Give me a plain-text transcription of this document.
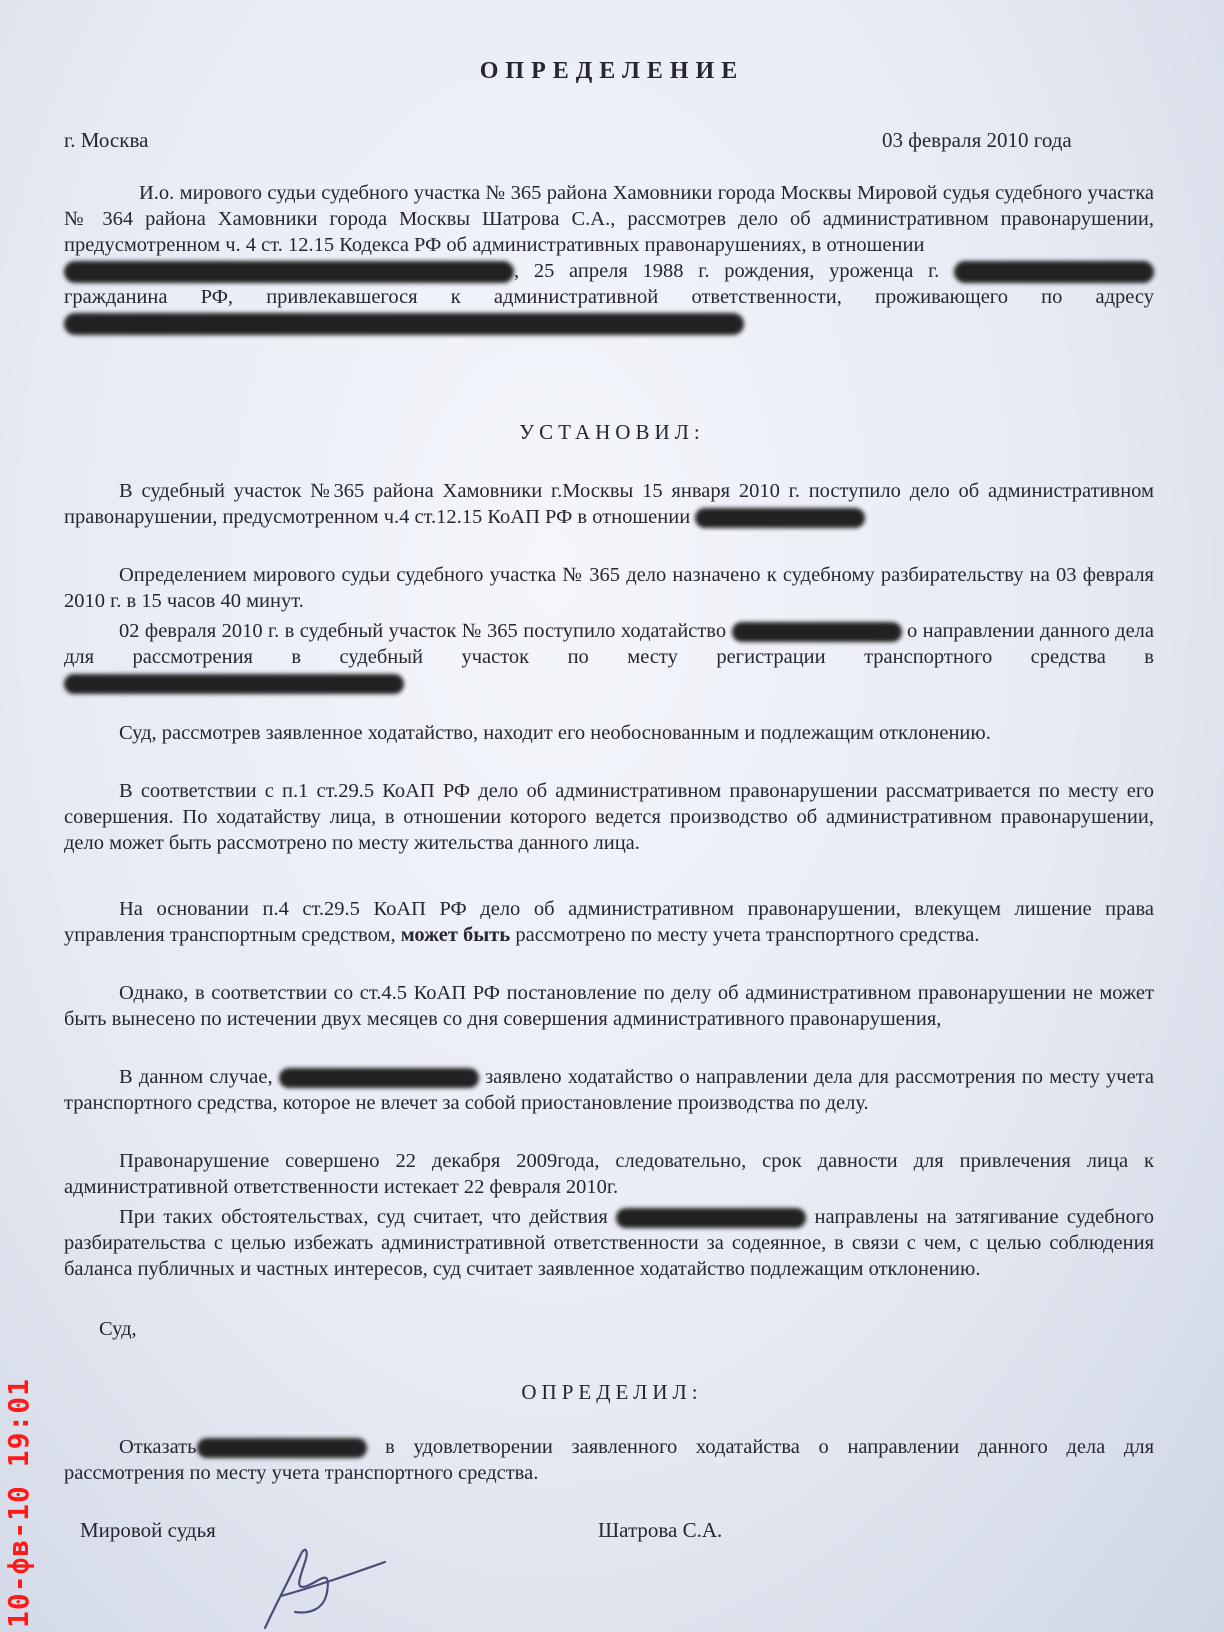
ОПРЕДЕЛЕНИЕ
г. Москва	03 февраля 2010 года

И.о. мирового судьи судебного участка № 365 района Хамовники города Москвы Мировой судья судебного участка № 364 района Хамовники города Москвы Шатрова С.А., рассмотрев дело об административном правонарушении, предусмотренном ч. 4 ст. 12.15 Кодекса РФ об административных правонарушениях, в отношении
, 25 апреля 1988 г. рождения, уроженца г.  гражданина РФ, привлекавшегося к административной ответственности, проживающего по адресу

УСТАНОВИЛ:

В судебный участок №365 района Хамовники г.Москвы 15 января 2010 г. поступило дело об административном правонарушении, предусмотренном ч.4 ст.12.15 КоАП РФ в отношении

Определением мирового судьи судебного участка № 365 дело назначено к судебному разбирательству на 03 февраля 2010 г. в 15 часов 40 минут.

02 февраля 2010 г. в судебный участок № 365 поступило ходатайство	о направлении данного дела для рассмотрения в судебный участок по месту регистрации транспортного средства в

Суд, рассмотрев заявленное ходатайство, находит его необоснованным и подлежащим отклонению.

В соответствии с п.1 ст.29.5 КоАП РФ дело об административном правонарушении рассматривается по месту его совершения. По ходатайству лица, в отношении которого ведется производство об административном правонарушении, дело может быть рассмотрено по месту жительства данного лица.

На основании п.4 ст.29.5 КоАП РФ дело об административном правонарушении, влекущем лишение права управления транспортным средством, может быть рассмотрено по месту учета транспортного средства.

Однако, в соответствии со ст.4.5 КоАП РФ постановление по делу об административном правонарушении не может быть вынесено по истечении двух месяцев со дня совершения административного правонарушения,

В данном случае,	заявлено ходатайство о направлении дела для рассмотрения по месту учета транспортного средства, которое не влечет за собой приостановление производства по делу.

Правонарушение совершено 22 декабря 2009года, следовательно, срок давности для привлечения лица к административной ответственности истекает 22 февраля 2010г.

При таких обстоятельствах, суд считает, что действия	направлены на затягивание судебного разбирательства с целью избежать административной ответственности за содеянное, в связи с чем, с целью соблюдения баланса публичных и частных интересов, суд считает заявленное ходатайство подлежащим отклонению.

Суд,

ОПРЕДЕЛИЛ:

Отказать	в удовлетворении заявленного ходатайства о направлении данного дела для рассмотрения по месту учета транспортного средства.

Мировой судья	Шатрова С.А.
10-фв-10 19:01
